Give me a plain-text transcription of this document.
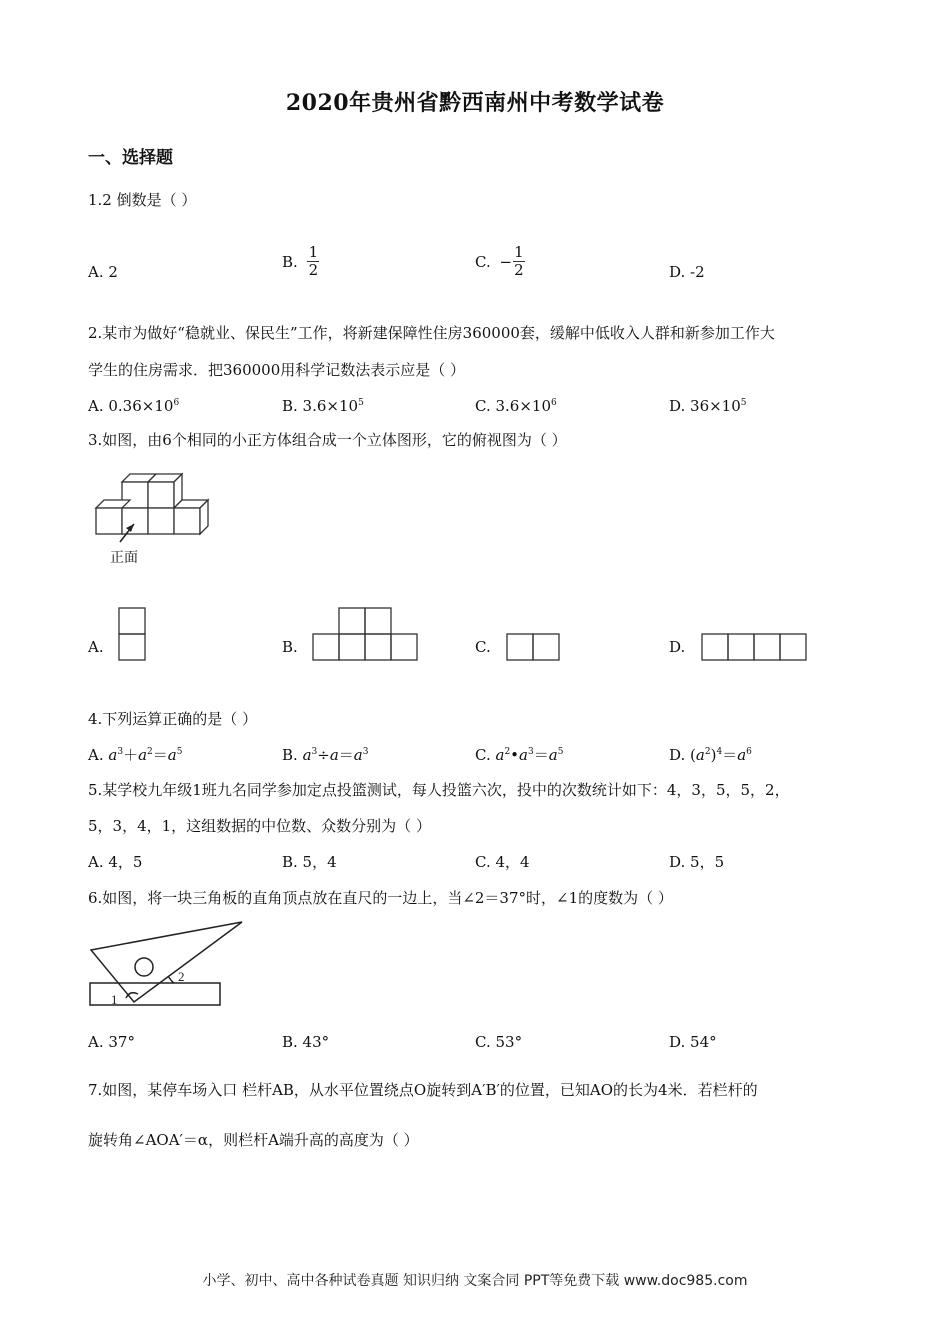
2020年贵州省黔西南州中考数学试卷
一、选择题
1.2 倒数是（ ）
A. 2
B. $\frac{1}{2}$	C. − $\frac{1}{2}$	D. -2
2.某市为做好“稳就业、保民生”工作，将新建保障性住房360000套，缓解中低收入人群和新参加工作大
学生的住房需求．把360000用科学记数法表示应是（ ）
A. $0.36\times 10^6$	B. $3.6\times 10^5$	C. $3.6\times 10^6$	D. $36\times 10^5$
3.如图，由6个相同的小正方体组合成一个立体图形，它的俯视图为（ ）
正面
A.	B.	C.	D.
4.下列运算正确的是（ ）
A. $a^3+a^2=a^5$	B. $a^3\div a=a^3$	C. $a^2•a^3=a^5$	D. $(a^2)^4=a^6$
5.某学校九年级1班九名同学参加定点投篮测试，每人投篮六次，投中的次数统计如下：4，3，5，5，2，
5，3，4，1，这组数据的中位数、众数分别为（ ）
A. 4，5	B. 5，4	C. 4，4	D. 5，5
6.如图，将一块三角板的直角顶点放在直尺的一边上，当∠2＝37°时，∠1的度数为（ ）
1
2
A. 37°	B. 43°	C. 53°	D. 54°
7.如图，某停车场入口 栏杆AB，从水平位置绕点O旋转到A′B′的位置，已知AO的长为4米．若栏杆的
旋转角∠AOA′＝α，则栏杆A端升高的高度为（ ）
小学、初中、高中各种试卷真题 知识归纳 文案合同 PPT等免费下载 www.doc985.com
